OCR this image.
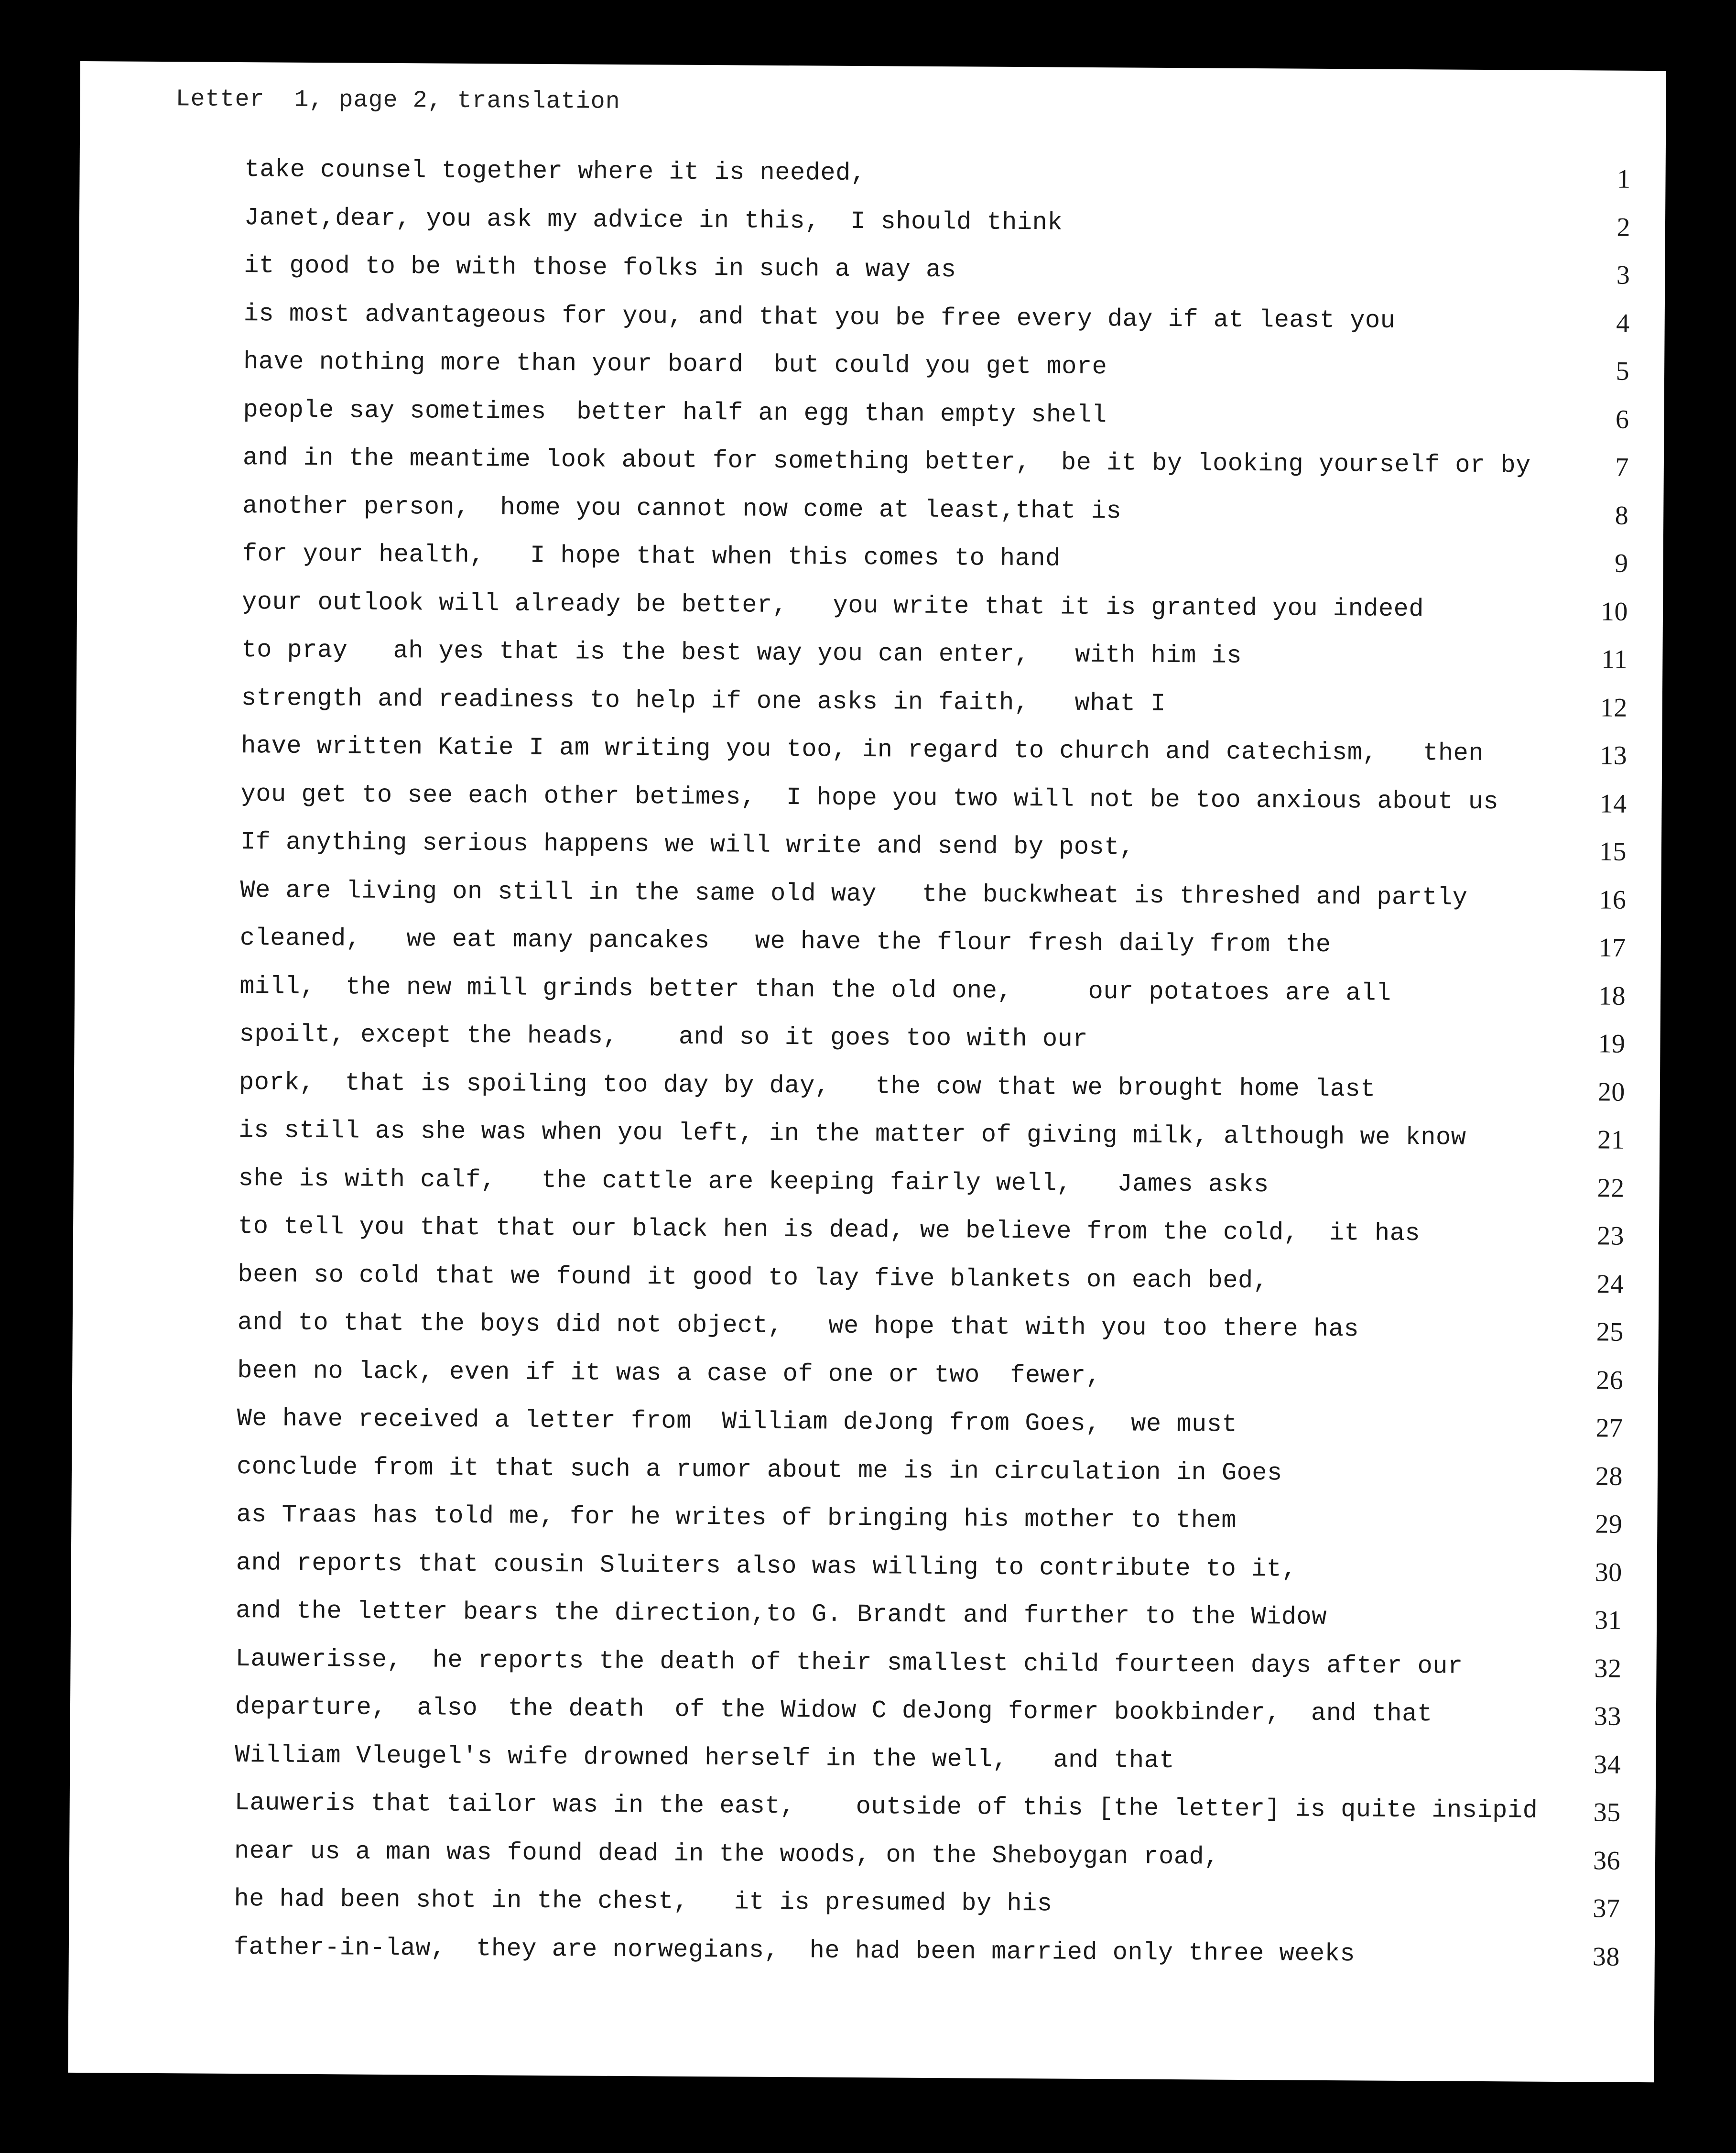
Letter  1, page 2, translation
take counsel together where it is needed,	1
Janet,dear, you ask my advice in this,  I should think	2
it good to be with those folks in such a way as	3
is most advantageous for you, and that you be free every day if at least you	4
have nothing more than your board  but could you get more	5
people say sometimes  better half an egg than empty shell	6
and in the meantime look about for something better,  be it by looking yourself or by	7
another person,  home you cannot now come at least,that is	8
for your health,   I hope that when this comes to hand	9
your outlook will already be better,   you write that it is granted you indeed	10
to pray   ah yes that is the best way you can enter,   with him is	11
strength and readiness to help if one asks in faith,   what I	12
have written Katie I am writing you too, in regard to church and catechism,   then	13
you get to see each other betimes,  I hope you two will not be too anxious about us	14
If anything serious happens we will write and send by post,	15
We are living on still in the same old way   the buckwheat is threshed and partly	16
cleaned,   we eat many pancakes   we have the flour fresh daily from the	17
mill,  the new mill grinds better than the old one,     our potatoes are all	18
spoilt, except the heads,    and so it goes too with our	19
pork,  that is spoiling too day by day,   the cow that we brought home last	20
is still as she was when you left, in the matter of giving milk, although we know	21
she is with calf,   the cattle are keeping fairly well,   James asks	22
to tell you that that our black hen is dead, we believe from the cold,  it has	23
been so cold that we found it good to lay five blankets on each bed,	24
and to that the boys did not object,   we hope that with you too there has	25
been no lack, even if it was a case of one or two  fewer,	26
We have received a letter from  William deJong from Goes,  we must	27
conclude from it that such a rumor about me is in circulation in Goes	28
as Traas has told me, for he writes of bringing his mother to them	29
and reports that cousin Sluiters also was willing to contribute to it,	30
and the letter bears the direction,to G. Brandt and further to the Widow	31
Lauwerisse,  he reports the death of their smallest child fourteen days after our	32
departure,  also  the death  of the Widow C deJong former bookbinder,  and that	33
William Vleugel's wife drowned herself in the well,   and that	34
Lauweris that tailor was in the east,    outside of this [the letter] is quite insipid 35
near us a man was found dead in the woods, on the Sheboygan road,	36
he had been shot in the chest,   it is presumed by his	37
father-in-law,  they are norwegians,  he had been married only three weeks	38
